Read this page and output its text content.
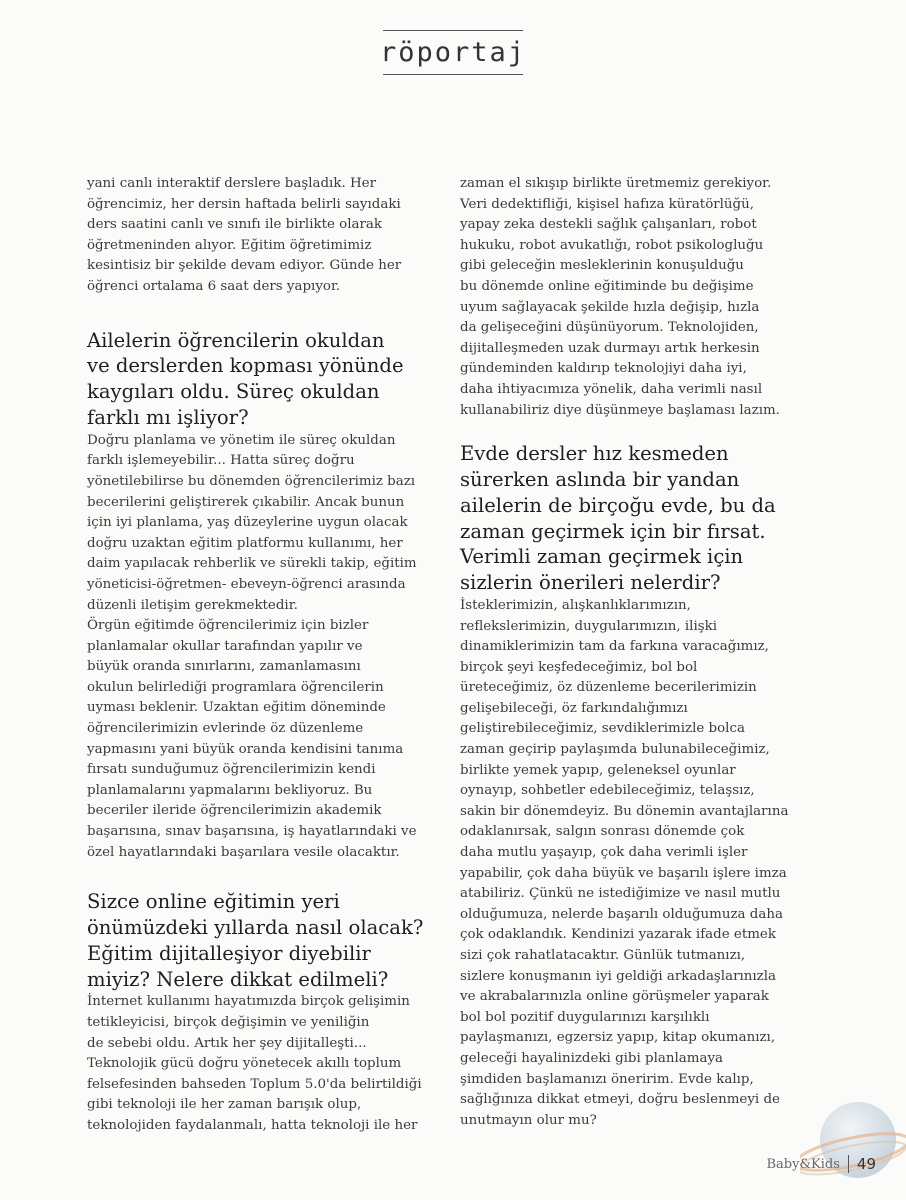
röportaj

yani canlı interaktif derslere başladık. Her
öğrencimiz, her dersin haftada belirli sayıdaki
ders saatini canlı ve sınıfı ile birlikte olarak
öğretmeninden alıyor. Eğitim öğretimimiz
kesintisiz bir şekilde devam ediyor. Günde her
öğrenci ortalama 6 saat ders yapıyor.

Ailelerin öğrencilerin okuldan
ve derslerden kopması yönünde
kaygıları oldu. Süreç okuldan
farklı mı işliyor?

Doğru planlama ve yönetim ile süreç okuldan
farklı işlemeyebilir... Hatta süreç doğru
yönetilebilirse bu dönemden öğrencilerimiz bazı
becerilerini geliştirerek çıkabilir. Ancak bunun
için iyi planlama, yaş düzeylerine uygun olacak
doğru uzaktan eğitim platformu kullanımı, her
daim yapılacak rehberlik ve sürekli takip, eğitim
yöneticisi-öğretmen- ebeveyn-öğrenci arasında
düzenli iletişim gerekmektedir.
Örgün eğitimde öğrencilerimiz için bizler
planlamalar okullar tarafından yapılır ve
büyük oranda sınırlarını, zamanlamasını
okulun belirlediği programlara öğrencilerin
uyması beklenir. Uzaktan eğitim döneminde
öğrencilerimizin evlerinde öz düzenleme
yapmasını yani büyük oranda kendisini tanıma
fırsatı sunduğumuz öğrencilerimizin kendi
planlamalarını yapmalarını bekliyoruz. Bu
beceriler ileride öğrencilerimizin akademik
başarısına, sınav başarısına, iş hayatlarındaki ve
özel hayatlarındaki başarılara vesile olacaktır.

Sizce online eğitimin yeri
önümüzdeki yıllarda nasıl olacak?
Eğitim dijitalleşiyor diyebilir
miyiz? Nelere dikkat edilmeli?

İnternet kullanımı hayatımızda birçok gelişimin
tetikleyicisi, birçok değişimin ve yeniliğin
de sebebi oldu. Artık her şey dijitalleşti...
Teknolojik gücü doğru yönetecek akıllı toplum
felsefesinden bahseden Toplum 5.0'da belirtildiği
gibi teknoloji ile her zaman barışık olup,
teknolojiden faydalanmalı, hatta teknoloji ile her

zaman el sıkışıp birlikte üretmemiz gerekiyor.
Veri dedektifliği, kişisel hafıza küratörlüğü,
yapay zeka destekli sağlık çalışanları, robot
hukuku, robot avukatlığı, robot psikologluğu
gibi geleceğin mesleklerinin konuşulduğu
bu dönemde online eğitiminde bu değişime
uyum sağlayacak şekilde hızla değişip, hızla
da gelişeceğini düşünüyorum. Teknolojiden,
dijitalleşmeden uzak durmayı artık herkesin
gündeminden kaldırıp teknolojiyi daha iyi,
daha ihtiyacımıza yönelik, daha verimli nasıl
kullanabiliriz diye düşünmeye başlaması lazım.

Evde dersler hız kesmeden
sürerken aslında bir yandan
ailelerin de birçoğu evde, bu da
zaman geçirmek için bir fırsat.
Verimli zaman geçirmek için
sizlerin önerileri nelerdir?

İsteklerimizin, alışkanlıklarımızın,
reflekslerimizin, duygularımızın, ilişki
dinamiklerimizin tam da farkına varacağımız,
birçok şeyi keşfedeceğimiz, bol bol
üreteceğimiz, öz düzenleme becerilerimizin
gelişebileceği, öz farkındalığımızı
geliştirebileceğimiz, sevdiklerimizle bolca
zaman geçirip paylaşımda bulunabileceğimiz,
birlikte yemek yapıp, geleneksel oyunlar
oynayıp, sohbetler edebileceğimiz, telaşsız,
sakin bir dönemdeyiz. Bu dönemin avantajlarına
odaklanırsak, salgın sonrası dönemde çok
daha mutlu yaşayıp, çok daha verimli işler
yapabilir, çok daha büyük ve başarılı işlere imza
atabiliriz. Çünkü ne istediğimize ve nasıl mutlu
olduğumuza, nelerde başarılı olduğumuza daha
çok odaklandık. Kendinizi yazarak ifade etmek
sizi çok rahatlatacaktır. Günlük tutmanızı,
sizlere konuşmanın iyi geldiği arkadaşlarınızla
ve akrabalarınızla online görüşmeler yaparak
bol bol pozitif duygularınızı karşılıklı
paylaşmanızı, egzersiz yapıp, kitap okumanızı,
geleceği hayalinizdeki gibi planlamaya
şimdiden başlamanızı öneririm. Evde kalıp,
sağlığınıza dikkat etmeyi, doğru beslenmeyi de
unutmayın olur mu?

Baby&Kids 49
